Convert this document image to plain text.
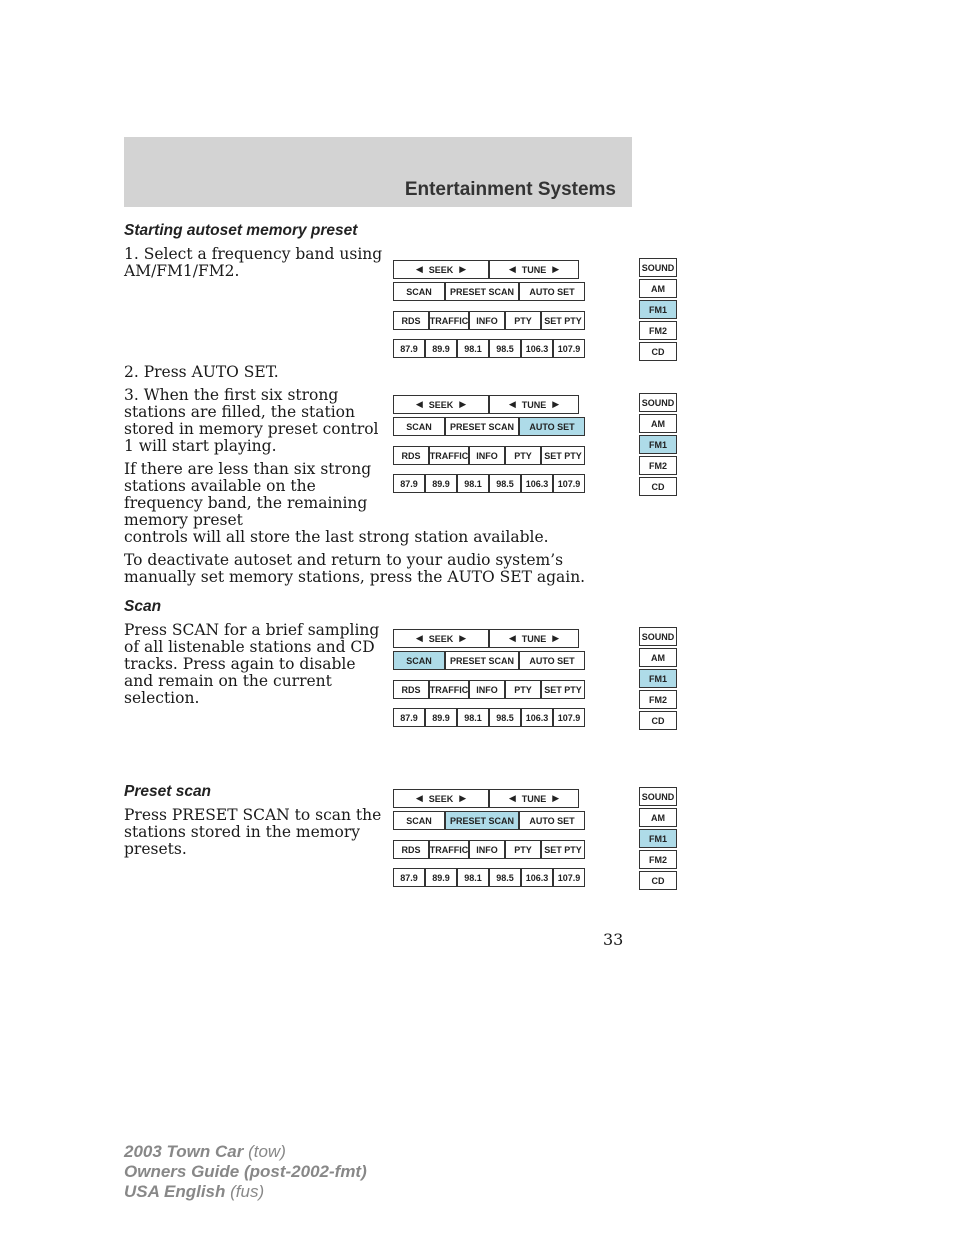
Entertainment Systems
Starting autoset memory preset

1. Select a frequency band using AM/FM1/FM2.

2. Press AUTO SET.

3. When the first six strong stations are filled, the station stored in memory preset control 1 will start playing.

If there are less than six strong stations available on the frequency band, the remaining memory preset

controls will all store the last strong station available.

To deactivate autoset and return to your audio system’s manually set memory stations, press the AUTO SET again.

Scan

Press SCAN for a brief sampling of all listenable stations and CD tracks. Press again to disable and remain on the current selection.

Preset scan

Press PRESET SCAN to scan the stations stored in the memory presets.

◀ SEEK ▶	◀ TUNE ▶
SCAN PRESET SCAN AUTO SET
RDS TRAFFIC INFO PTY SET PTY
87.9	89.9	98.1	98.5	106.3	107.9
SOUND
AM
FM1
FM2
CD
◀ SEEK ▶	◀ TUNE ▶
SCAN PRESET SCAN AUTO SET
RDS TRAFFIC INFO PTY SET PTY
87.9	89.9	98.1	98.5	106.3	107.9
SOUND
AM
FM1
FM2
CD
◀ SEEK ▶	◀ TUNE ▶
SCAN PRESET SCAN AUTO SET
RDS TRAFFIC INFO PTY SET PTY
87.9	89.9	98.1	98.5	106.3	107.9
SOUND
AM
FM1
FM2
CD
◀ SEEK ▶	◀ TUNE ▶
SCAN PRESET SCAN AUTO SET
RDS TRAFFIC INFO PTY SET PTY
87.9	89.9	98.1	98.5	106.3	107.9
SOUND
AM
FM1
FM2
CD
33
2003 Town Car (tow)
Owners Guide (post-2002-fmt)
USA English (fus)
